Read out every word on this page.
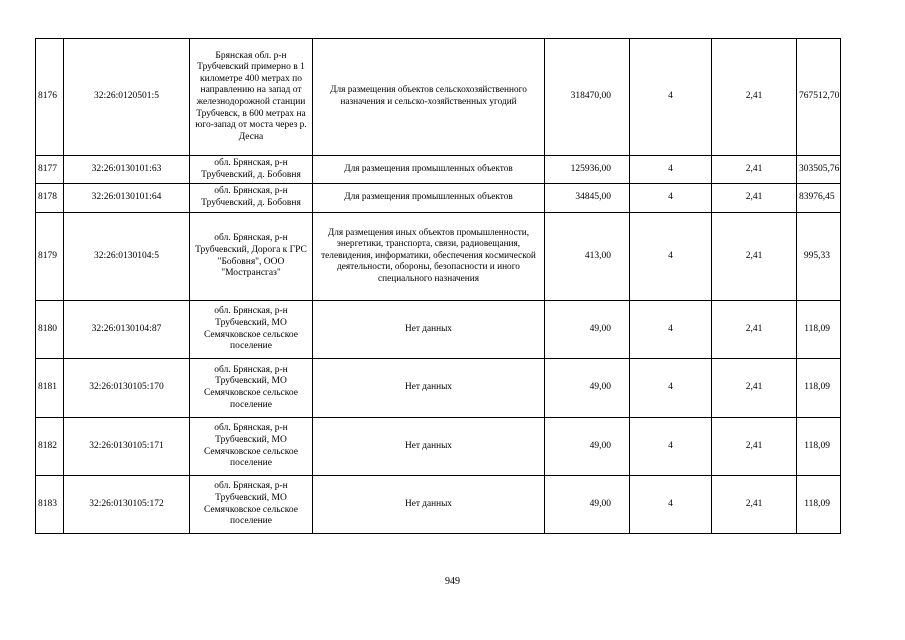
8176	32:26:0120501:5	Брянская обл. р-н Трубчевский примерно в 1 километре 400 метрах по направлению на запад от железнодорожной станции Трубчевск, в 600 метрах на юго-запад от моста через р. Десна	Для размещения объектов сельскохозяйственного назначения и сельско-хозяйственных угодий	318470,00	4	2,41	767512,70
8177	32:26:0130101:63	обл. Брянская, р-н Трубчевский, д. Бобовня	Для размещения промышленных объектов	125936,00	4	2,41	303505,76
8178	32:26:0130101:64	обл. Брянская, р-н Трубчевский, д. Бобовня	Для размещения промышленных объектов	34845,00	4	2,41	83976,45
8179	32:26:0130104:5	обл. Брянская, р-н Трубчевский, Дорога к ГРС "Бобовня", ООО "Мострансгаз"	Для размещения иных объектов промышленности, энергетики, транспорта, связи, радиовещания, телевидения, информатики, обеспечения космической деятельности, обороны, безопасности и иного специального назначения	413,00	4	2,41	995,33
8180	32:26:0130104:87	обл. Брянская, р-н Трубчевский, МО Семячковское сельское поселение	Нет данных	49,00	4	2,41	118,09
8181	32:26:0130105:170	обл. Брянская, р-н Трубчевский, МО Семячковское сельское поселение	Нет данных	49,00	4	2,41	118,09
8182	32:26:0130105:171	обл. Брянская, р-н Трубчевский, МО Семячковское сельское поселение	Нет данных	49,00	4	2,41	118,09
8183	32:26:0130105:172	обл. Брянская, р-н Трубчевский, МО Семячковское сельское поселение	Нет данных	49,00	4	2,41	118,09
949
